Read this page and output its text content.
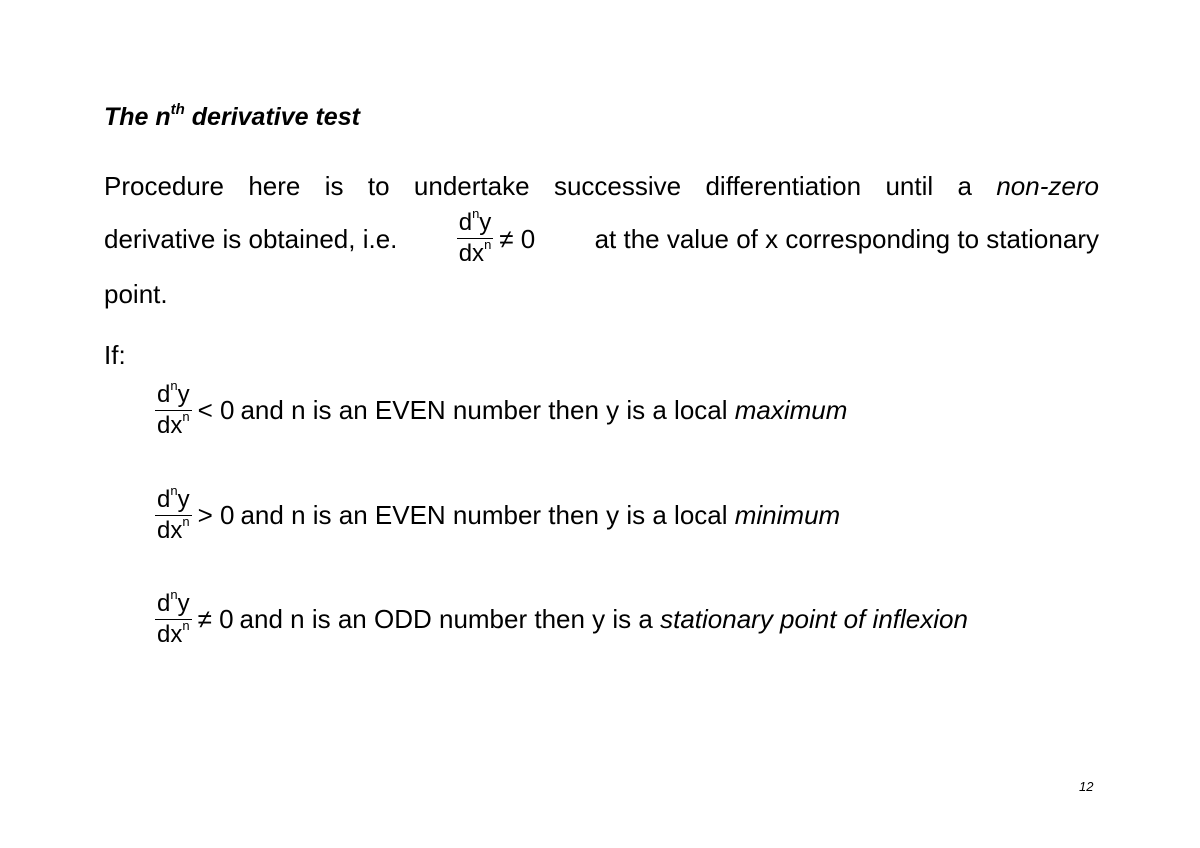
The $n^{th}$ derivative test
Procedure here is to undertake successive differentiation until a non-zero
derivative is obtained, i.e. $\frac{d^ny}{dx^n} \ne 0$ at the value of x corresponding to stationary
point.
If:
$\frac{d^ny}{dx^n} < 0$ and n is an EVEN number then y is a local maximum
$\frac{d^ny}{dx^n} > 0$ and n is an EVEN number then y is a local minimum
$\frac{d^ny}{dx^n} \ne 0$ and n is an ODD number then y is a stationary point of inflexion
12
